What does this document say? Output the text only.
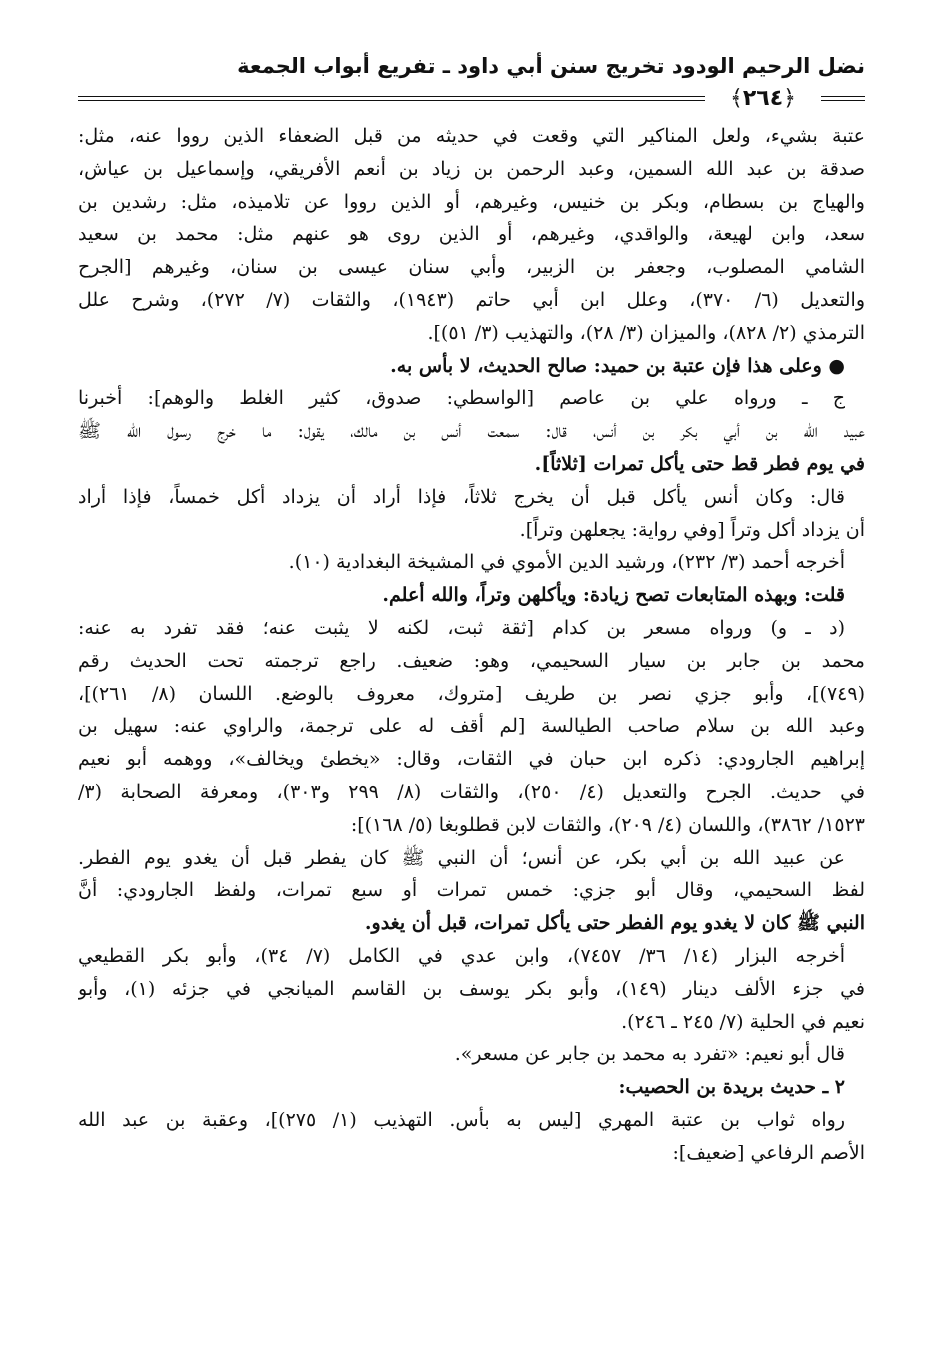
نضل الرحيم الودود تخريج سنن أبي داود ـ تفريع أبواب الجمعة
﴿٢٦٤﴾
عتبة بشيء، ولعل المناكير التي وقعت في حديثه من قبل الضعفاء الذين رووا عنه، مثل:
صدقة بن عبد الله السمين، وعبد الرحمن بن زياد بن أنعم الأفريقي، وإسماعيل بن عياش،
والهياج بن بسطام، وبكر بن خنيس، وغيرهم، أو الذين رووا عن تلاميذه، مثل: رشدين بن
سعد، وابن لهيعة، والواقدي، وغيرهم، أو الذين روى هو عنهم مثل: محمد بن سعيد
الشامي المصلوب، وجعفر بن الزبير، وأبي سنان عيسى بن سنان، وغيرهم [الجرح
والتعديل (٦/ ٣٧٠)، وعلل ابن أبي حاتم (١٩٤٣)، والثقات (٧/ ٢٧٢)، وشرح علل
الترمذي (٢/ ٨٢٨)، والميزان (٣/ ٢٨)، والتهذيب (٣/ ٥١)].
● وعلى هذا فإن عتبة بن حميد: صالح الحديث، لا بأس به.
ج ـ ورواه علي بن عاصم [الواسطي: صدوق، كثير الغلط والوهم]: أخبرنا
عبيد الله بن أبي بكر بن أنس، قال: سمعت أنس بن مالك، يقول: ما خرج رسول الله ﷺ
في يوم فطر قط حتى يأكل تمرات [ثلاثاً].
قال: وكان أنس يأكل قبل أن يخرج ثلاثاً، فإذا أراد أن يزداد أكل خمساً، فإذا أراد
أن يزداد أكل وتراً [وفي رواية: يجعلهن وتراً].
أخرجه أحمد (٣/ ٢٣٢)، ورشيد الدين الأموي في المشيخة البغدادية (١٠).
قلت: وبهذه المتابعات تصح زيادة: ويأكلهن وتراً، والله أعلم.
(د ـ و) ورواه مسعر بن كدام [ثقة ثبت، لكنه لا يثبت عنه؛ فقد تفرد به عنه:
محمد بن جابر بن سيار السحيمي، وهو: ضعيف. راجع ترجمته تحت الحديث رقم
(٧٤٩)]، وأبو جزي نصر بن طريف [متروك، معروف بالوضع. اللسان (٨/ ٢٦١)]،
وعبد الله بن سلام صاحب الطيالسة [لم أقف له على ترجمة، والراوي عنه: سهيل بن
إبراهيم الجارودي: ذكره ابن حبان في الثقات، وقال: «يخطئ ويخالف»، ووهمه أبو نعيم
في حديث. الجرح والتعديل (٤/ ٢٥٠)، والثقات (٨/ ٢٩٩ و٣٠٣)، ومعرفة الصحابة (٣/
١٥٢٣/ ٣٨٦٢)، واللسان (٤/ ٢٠٩)، والثقات لابن قطلوبغا (٥/ ١٦٨)]:
عن عبيد الله بن أبي بكر، عن أنس؛ أن النبي ﷺ كان يفطر قبل أن يغدو يوم الفطر.
لفظ السحيمي، وقال أبو جزي: خمس تمرات أو سبع تمرات، ولفظ الجارودي: أنَّ
النبي ﷺ كان لا يغدو يوم الفطر حتى يأكل تمرات، قبل أن يغدو.
أخرجه البزار (١٤/ ٣٦/ ٧٤٥٧)، وابن عدي في الكامل (٧/ ٣٤)، وأبو بكر القطيعي
في جزء الألف دينار (١٤٩)، وأبو بكر يوسف بن القاسم الميانجي في جزئه (١)، وأبو
نعيم في الحلية (٧/ ٢٤٥ ـ ٢٤٦).
قال أبو نعيم: «تفرد به محمد بن جابر عن مسعر».
٢ ـ حديث بريدة بن الحصيب:
رواه ثواب بن عتبة المهري [ليس به بأس. التهذيب (١/ ٢٧٥)]، وعقبة بن عبد الله
الأصم الرفاعي [ضعيف]:
